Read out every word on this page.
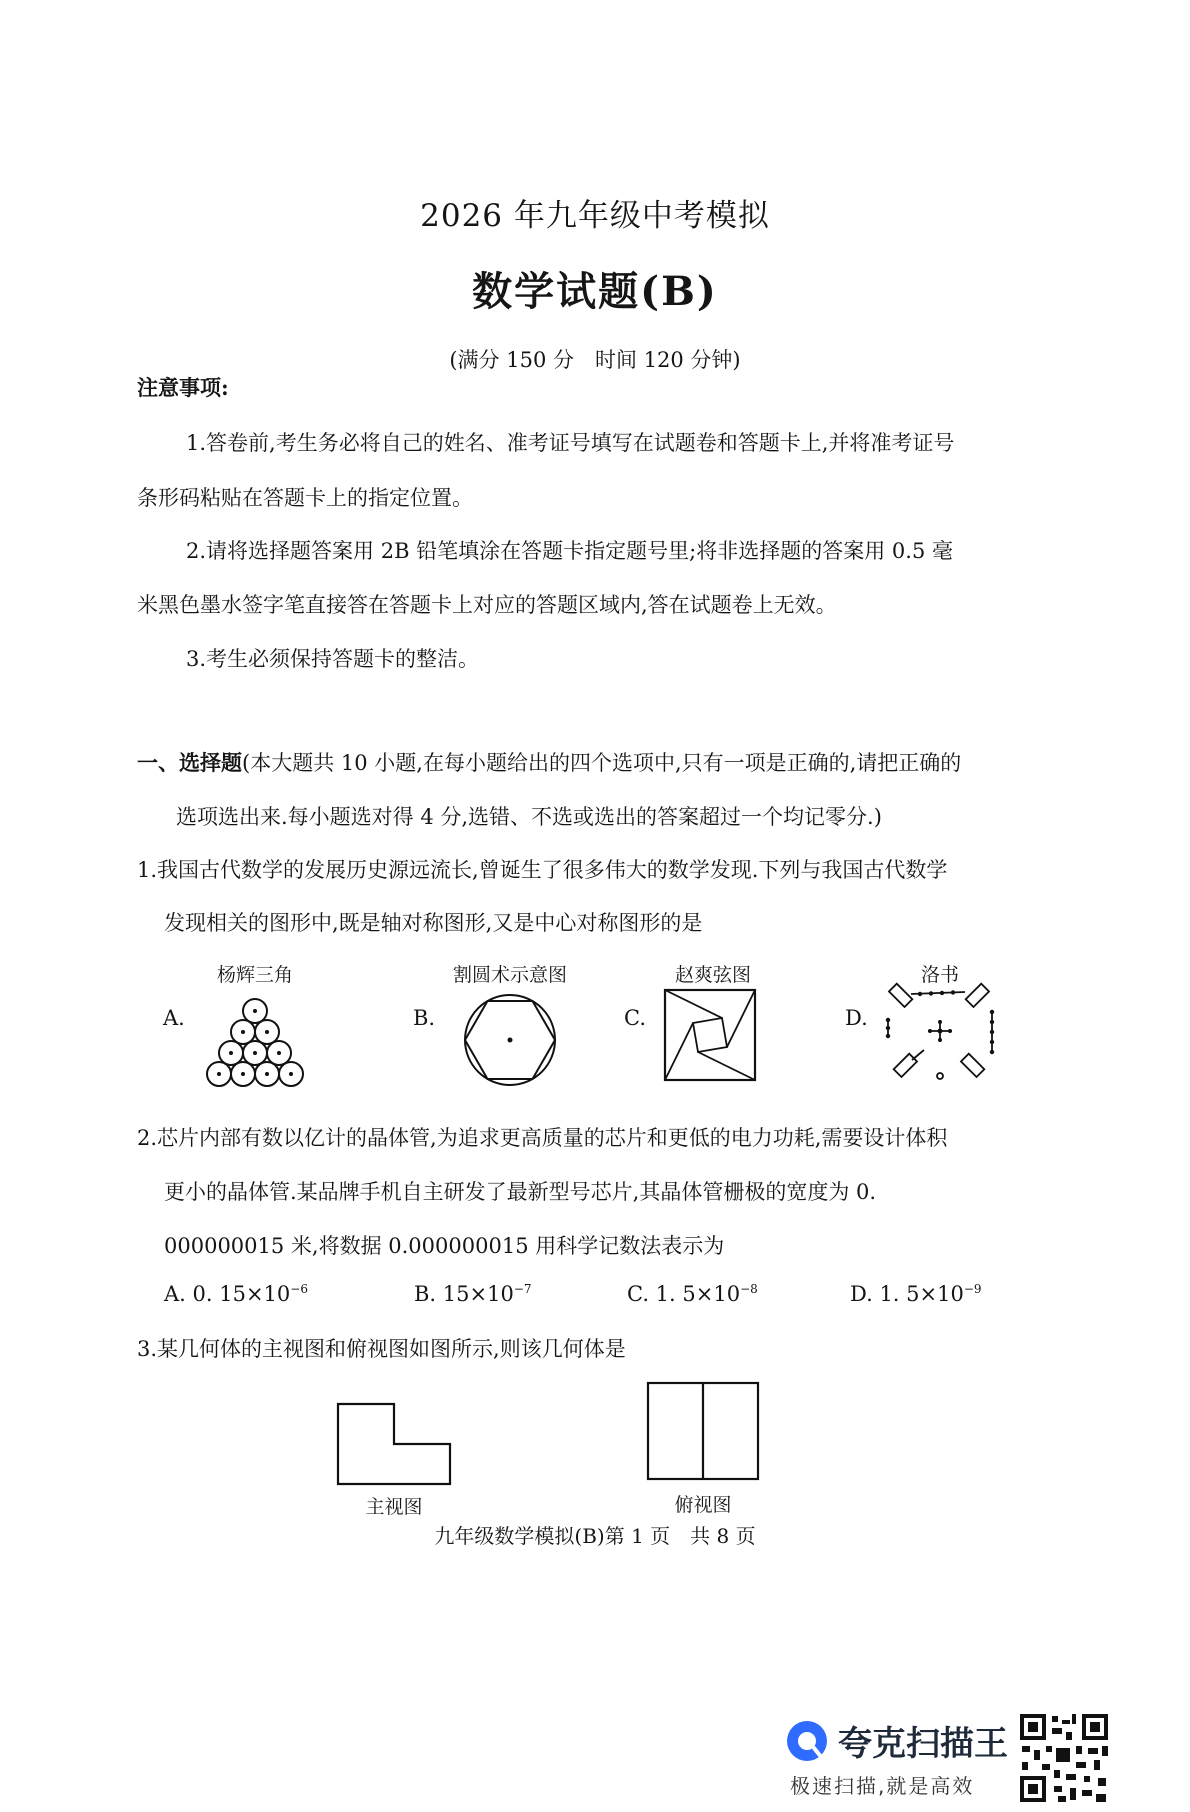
2026 年九年级中考模拟
数学试题(B)
(满分 150 分　时间 120 分钟)
注意事项:
1.答卷前,考生务必将自己的姓名、准考证号填写在试题卷和答题卡上,并将准考证号
条形码粘贴在答题卡上的指定位置。
2.请将选择题答案用 2B 铅笔填涂在答题卡指定题号里;将非选择题的答案用 0.5 毫
米黑色墨水签字笔直接答在答题卡上对应的答题区域内,答在试题卷上无效。
3.考生必须保持答题卡的整洁。
一、选择题(本大题共 10 小题,在每小题给出的四个选项中,只有一项是正确的,请把正确的
选项选出来.每小题选对得 4 分,选错、不选或选出的答案超过一个均记零分.)
1.我国古代数学的发展历史源远流长,曾诞生了很多伟大的数学发现.下列与我国古代数学
发现相关的图形中,既是轴对称图形,又是中心对称图形的是
杨辉三角	割圆术示意图	赵爽弦图	洛书
A.	B.	C.	D.
2.芯片内部有数以亿计的晶体管,为追求更高质量的芯片和更低的电力功耗,需要设计体积
更小的晶体管.某品牌手机自主研发了最新型号芯片,其晶体管栅极的宽度为 0.
000000015 米,将数据 0.000000015 用科学记数法表示为
A. 0. $15\times 10^{-6}$	B. $15\times 10^{-7}$	C. 1. $5\times 10^{-8}$	D. 1. $5\times 10^{-9}$
3.某几何体的主视图和俯视图如图所示,则该几何体是
主视图	俯视图
九年级数学模拟(B)第 1 页　共 8 页
夸克扫描王
极速扫描,就是高效
